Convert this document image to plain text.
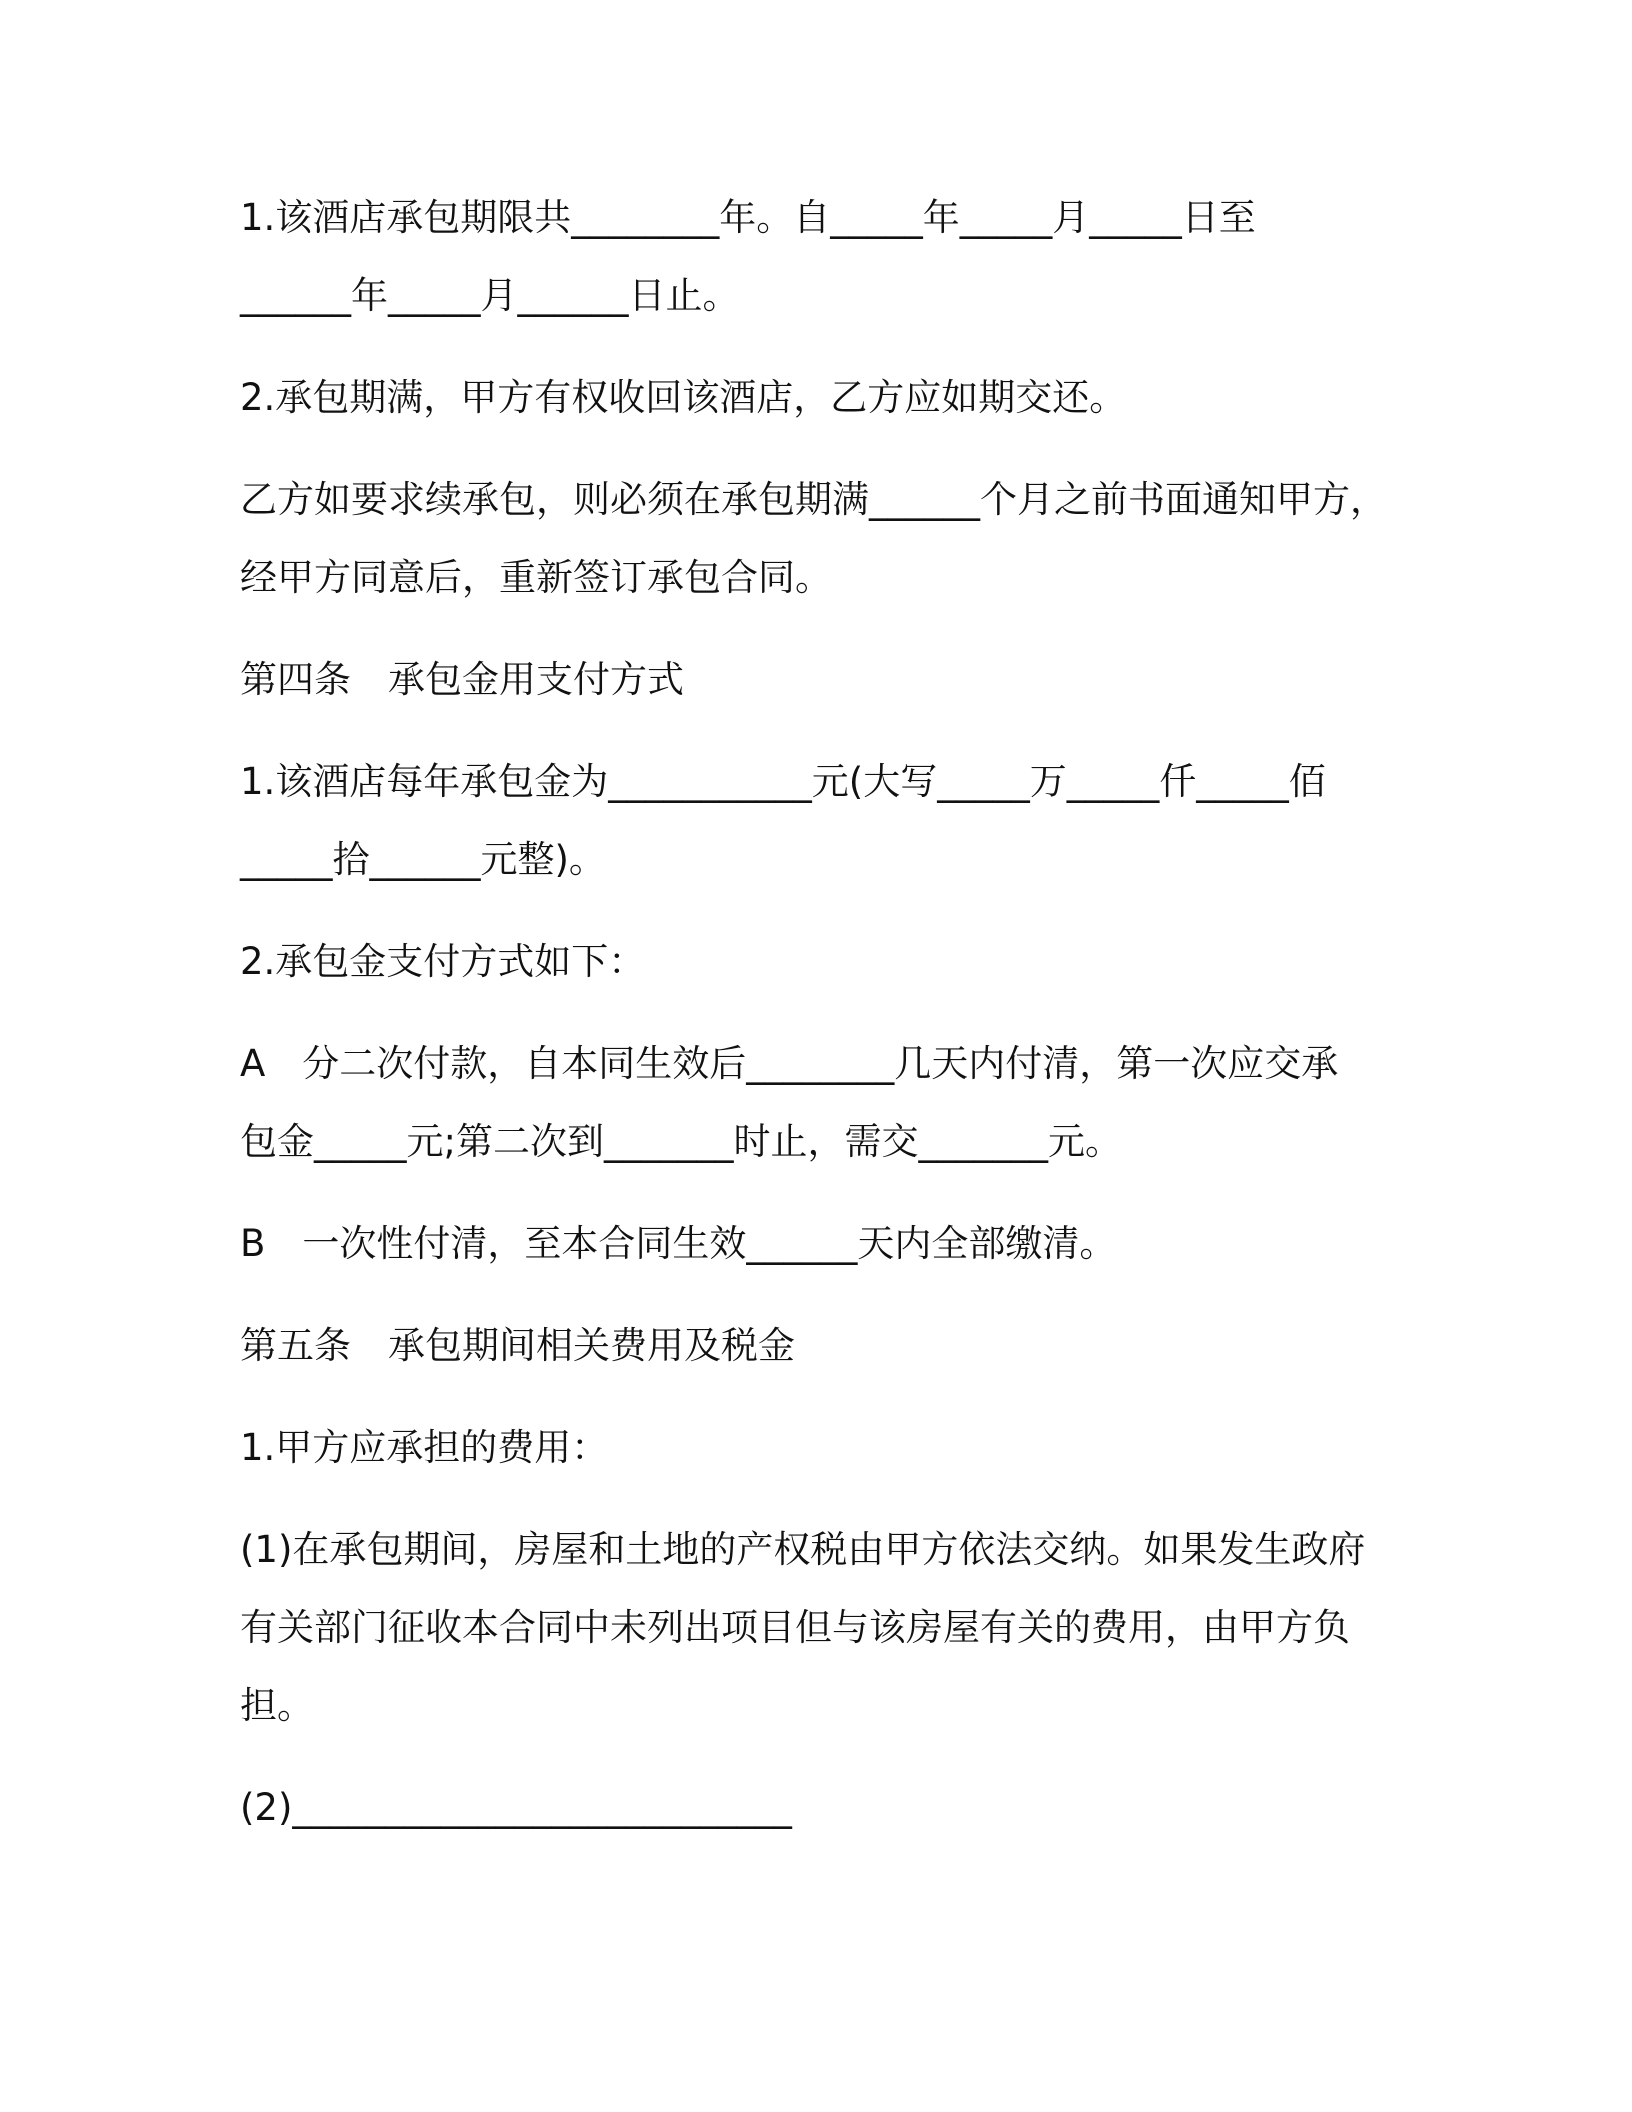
1.该酒店承包期限共________年。自_____年_____月_____日至
______年_____月______日止。
2.承包期满，甲方有权收回该酒店，乙方应如期交还。
乙方如要求续承包，则必须在承包期满______个月之前书面通知甲方，
经甲方同意后，重新签订承包合同。
第四条　承包金用支付方式
1.该酒店每年承包金为___________元(大写_____万_____仟_____佰
_____拾______元整)。
2.承包金支付方式如下：
A　分二次付款，自本同生效后________几天内付清，第一次应交承
包金_____元;第二次到_______时止，需交_______元。
B　一次性付清，至本合同生效______天内全部缴清。
第五条　承包期间相关费用及税金
1.甲方应承担的费用：
(1)在承包期间，房屋和土地的产权税由甲方依法交纳。如果发生政府
有关部门征收本合同中未列出项目但与该房屋有关的费用，由甲方负
担。
(2)___________________________
